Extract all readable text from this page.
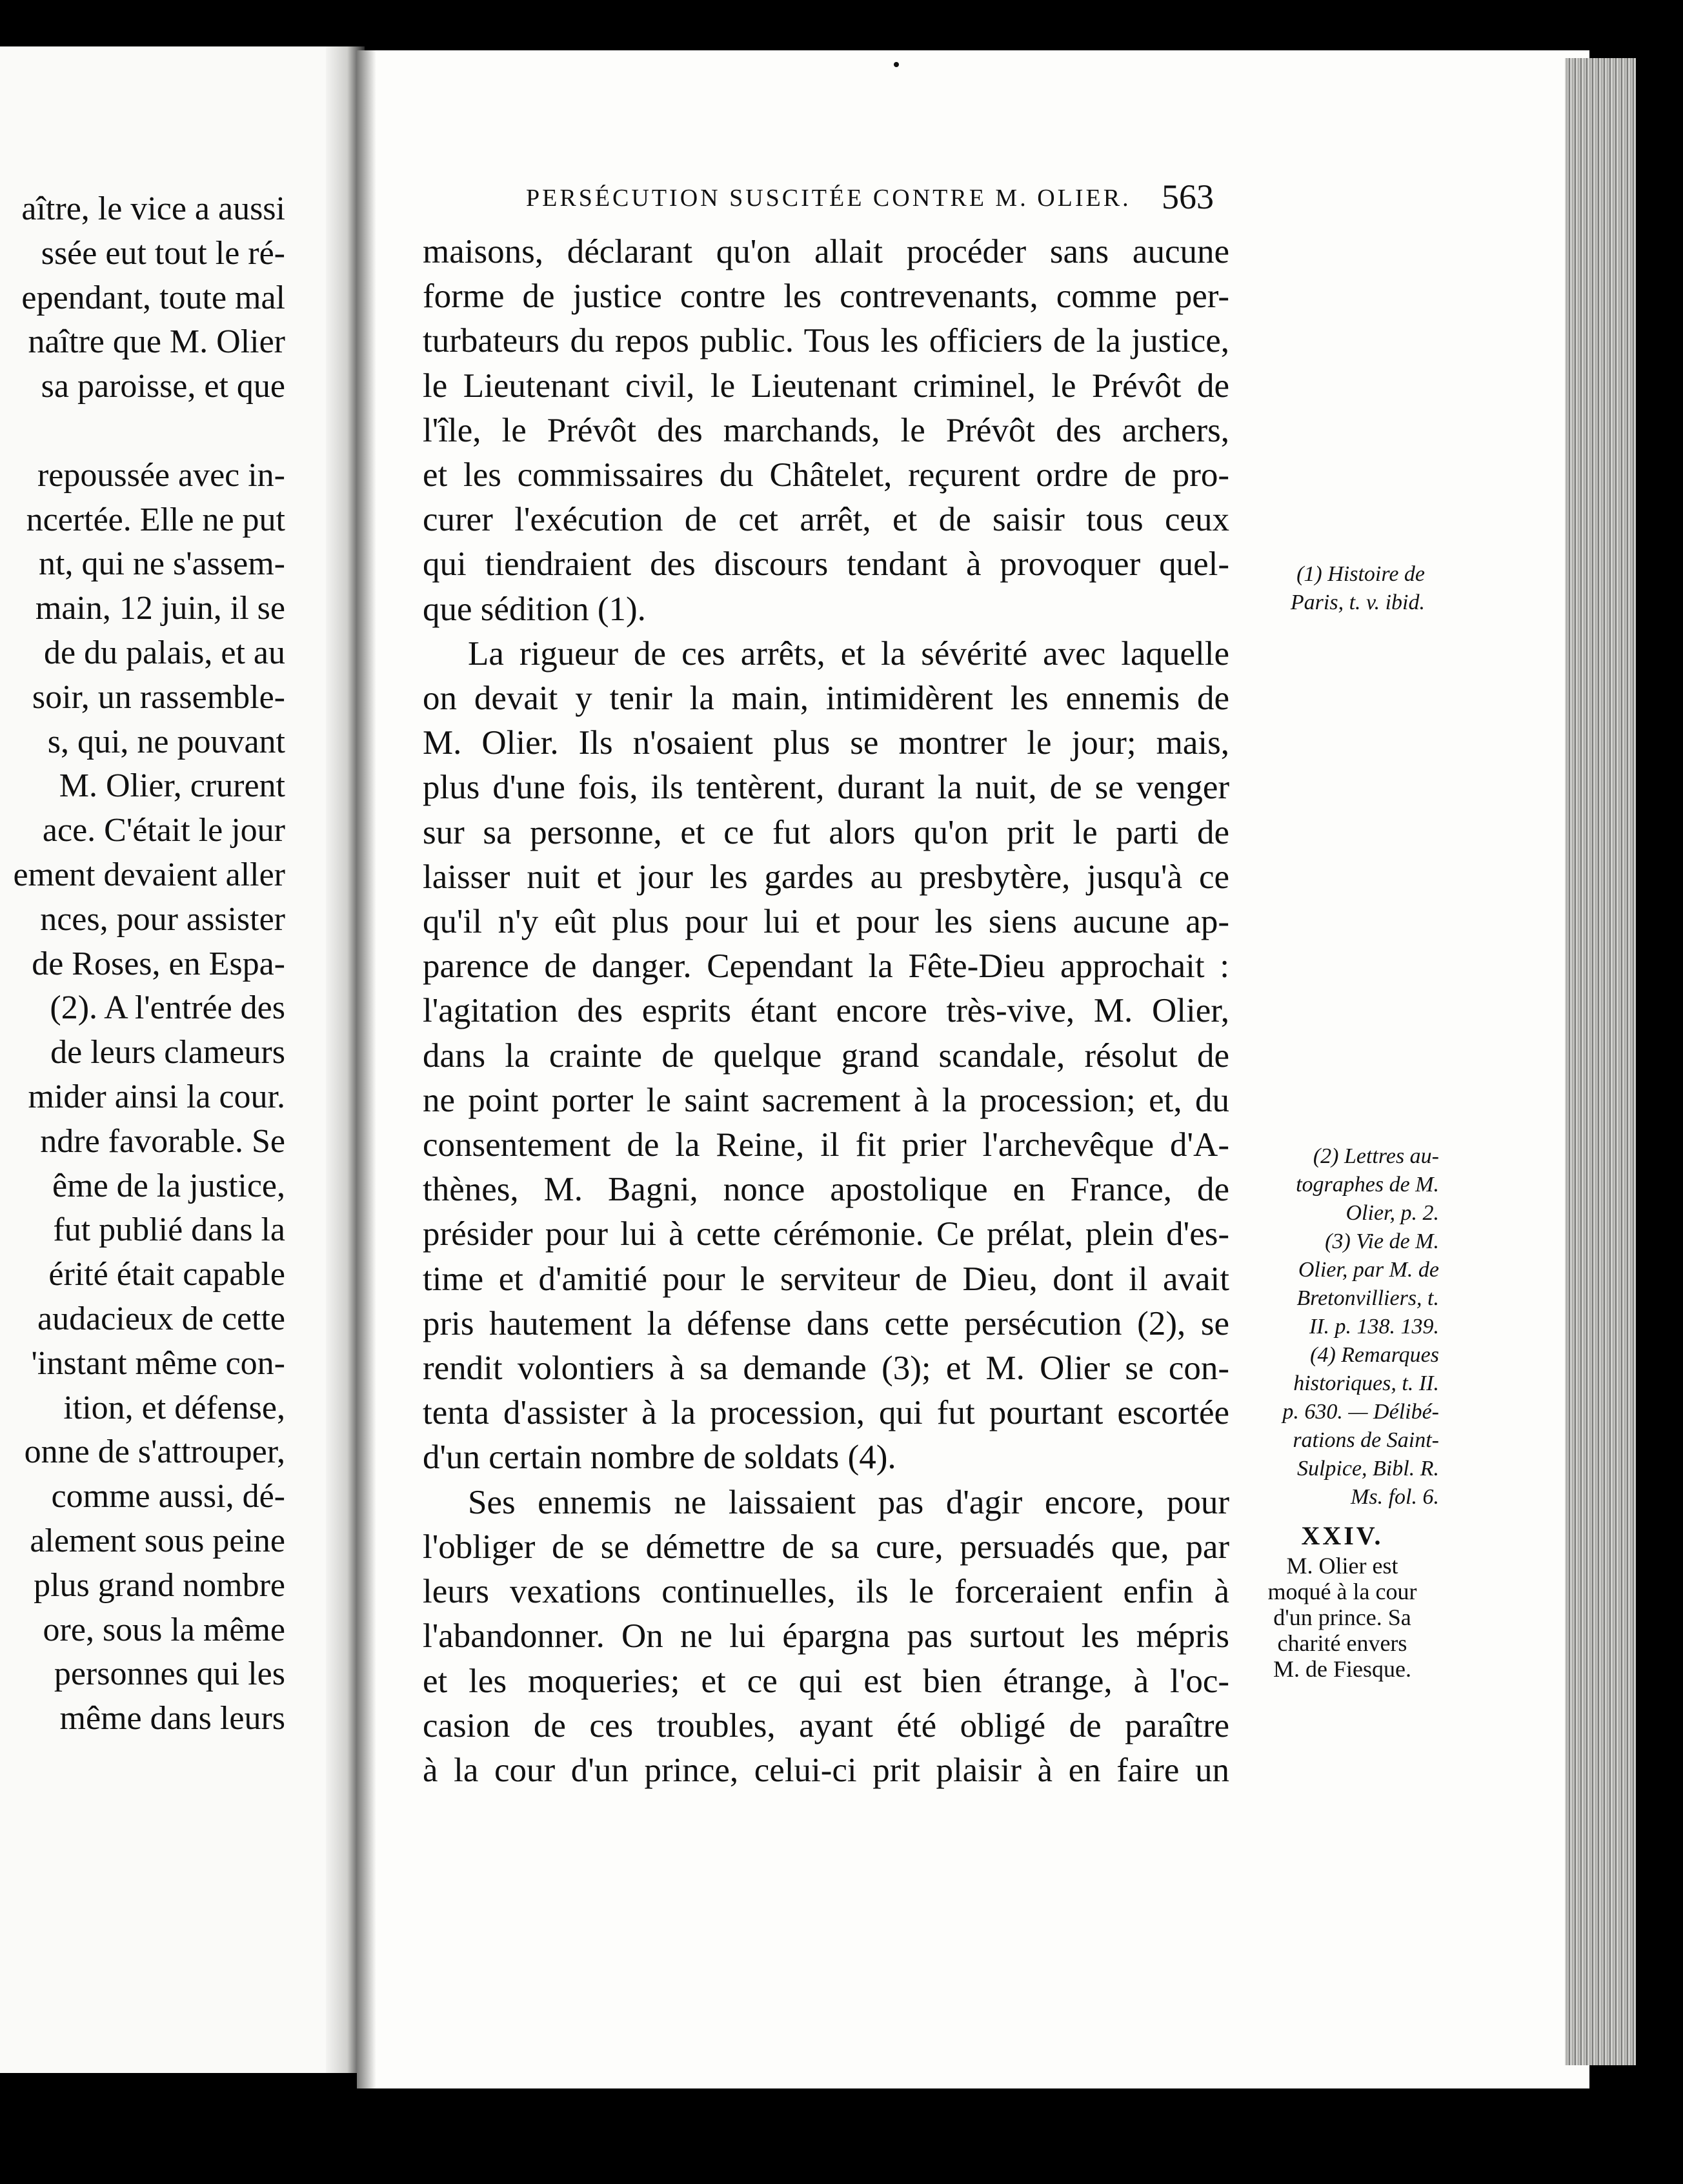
aître, le vice a aussi
ssée eut tout le ré-
ependant, toute mal
naître que M. Olier
sa paroisse, et que

repoussée avec in-
ncertée. Elle ne put
nt, qui ne s'assem-
main, 12 juin, il se
de du palais, et au
soir, un rassemble-
s, qui, ne pouvant
M. Olier, crurent
ace. C'était le jour
ement devaient aller
nces, pour assister
de Roses, en Espa-
(2). A l'entrée des
de leurs clameurs
mider ainsi la cour.
ndre favorable. Se
ême de la justice,
fut publié dans la
érité était capable
audacieux de cette
'instant même con-
ition, et défense,
onne de s'attrouper,
comme aussi, dé-
alement sous peine
plus grand nombre
ore, sous la même
personnes qui les
même dans leurs
PERSÉCUTION SUSCITÉE CONTRE M. OLIER. 563
maisons, déclarant qu'on allait procéder sans aucune
forme de justice contre les contrevenants, comme per-
turbateurs du repos public. Tous les officiers de la justice,
le Lieutenant civil, le Lieutenant criminel, le Prévôt de
l'île, le Prévôt des marchands, le Prévôt des archers,
et les commissaires du Châtelet, reçurent ordre de pro-
curer l'exécution de cet arrêt, et de saisir tous ceux
qui tiendraient des discours tendant à provoquer quel-
que sédition (1).
La rigueur de ces arrêts, et la sévérité avec laquelle
on devait y tenir la main, intimidèrent les ennemis de
M. Olier. Ils n'osaient plus se montrer le jour; mais,
plus d'une fois, ils tentèrent, durant la nuit, de se venger
sur sa personne, et ce fut alors qu'on prit le parti de
laisser nuit et jour les gardes au presbytère, jusqu'à ce
qu'il n'y eût plus pour lui et pour les siens aucune ap-
parence de danger. Cependant la Fête-Dieu approchait :
l'agitation des esprits étant encore très-vive, M. Olier,
dans la crainte de quelque grand scandale, résolut de
ne point porter le saint sacrement à la procession; et, du
consentement de la Reine, il fit prier l'archevêque d'A-
thènes, M. Bagni, nonce apostolique en France, de
présider pour lui à cette cérémonie. Ce prélat, plein d'es-
time et d'amitié pour le serviteur de Dieu, dont il avait
pris hautement la défense dans cette persécution (2), se
rendit volontiers à sa demande (3); et M. Olier se con-
tenta d'assister à la procession, qui fut pourtant escortée
d'un certain nombre de soldats (4).
Ses ennemis ne laissaient pas d'agir encore, pour
l'obliger de se démettre de sa cure, persuadés que, par
leurs vexations continuelles, ils le forceraient enfin à
l'abandonner. On ne lui épargna pas surtout les mépris
et les moqueries; et ce qui est bien étrange, à l'oc-
casion de ces troubles, ayant été obligé de paraître
à la cour d'un prince, celui-ci prit plaisir à en faire un
(1) Histoire de
Paris, t. v. ibid.
(2) Lettres au-
tographes de M.
Olier, p. 2.
(3) Vie de M.
Olier, par M. de
Bretonvilliers, t.
II. p. 138. 139.
(4) Remarques
historiques, t. II.
p. 630. — Délibé-
rations de Saint-
Sulpice, Bibl. R.
Ms. fol. 6.
XXIV.
M. Olier est
moqué à la cour
d'un prince. Sa
charité envers
M. de Fiesque.
